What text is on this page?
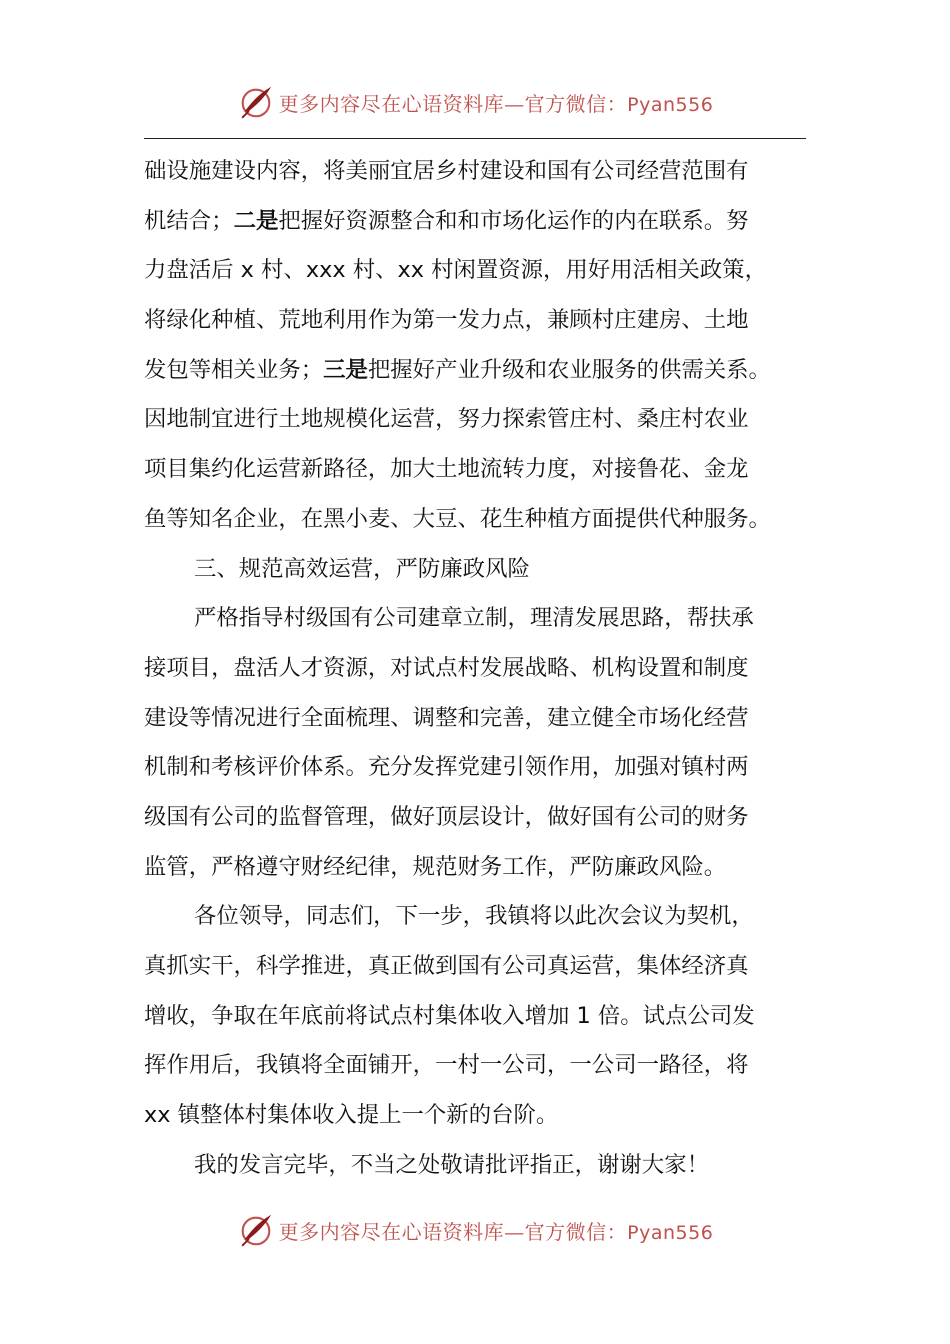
更多内容尽在心语资料库—官方微信：Pyan556
础设施建设内容，将美丽宜居乡村建设和国有公司经营范围有
机结合；二是把握好资源整合和和市场化运作的内在联系。努
力盘活后 x 村、xxx 村、xx 村闲置资源，用好用活相关政策，
将绿化种植、荒地利用作为第一发力点，兼顾村庄建房、土地
发包等相关业务；三是把握好产业升级和农业服务的供需关系。
因地制宜进行土地规模化运营，努力探索管庄村、桑庄村农业
项目集约化运营新路径，加大土地流转力度，对接鲁花、金龙
鱼等知名企业，在黑小麦、大豆、花生种植方面提供代种服务。
三、规范高效运营，严防廉政风险
严格指导村级国有公司建章立制，理清发展思路，帮扶承
接项目，盘活人才资源，对试点村发展战略、机构设置和制度
建设等情况进行全面梳理、调整和完善，建立健全市场化经营
机制和考核评价体系。充分发挥党建引领作用，加强对镇村两
级国有公司的监督管理，做好顶层设计，做好国有公司的财务
监管，严格遵守财经纪律，规范财务工作，严防廉政风险。
各位领导，同志们，下一步，我镇将以此次会议为契机，
真抓实干，科学推进，真正做到国有公司真运营，集体经济真
增收，争取在年底前将试点村集体收入增加 1 倍。试点公司发
挥作用后，我镇将全面铺开，一村一公司，一公司一路径，将
xx 镇整体村集体收入提上一个新的台阶。
我的发言完毕，不当之处敬请批评指正，谢谢大家！
更多内容尽在心语资料库—官方微信：Pyan556
